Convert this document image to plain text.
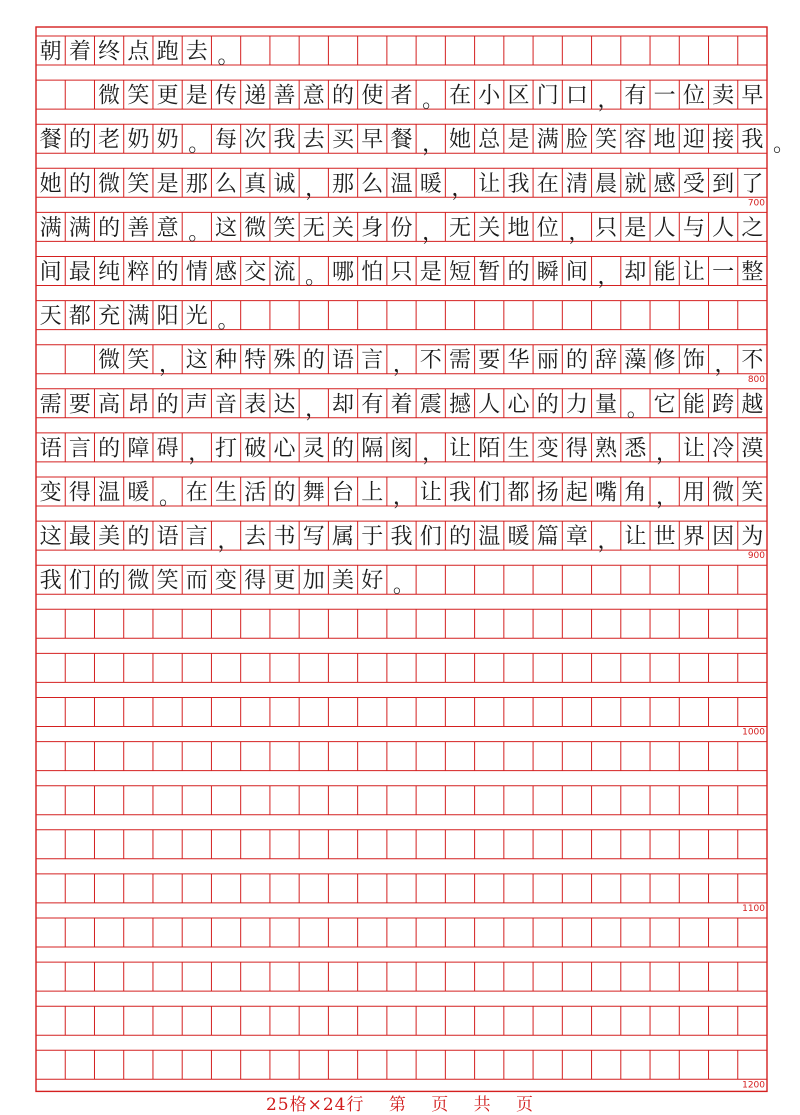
朝 着 终 点 跑 去 。
微 笑 更 是 传 递 善 意 的 使 者 。 在 小 区 门 口 ， 有 一 位 卖 早
餐 的 老 奶 奶 。 每 次 我 去 买 早 餐 ， 她 总 是 满 脸 笑 容 地 迎 接 我 。
她 的 微 笑 是 那 么 真 诚 ， 那 么 温 暖 ， 让 我 在 清 晨 就 感 受 到 了
满 满 的 善 意 。 这 微 笑 无 关 身 份 ， 无 关 地 位 ， 只 是 人 与 人 之
间 最 纯 粹 的 情 感 交 流 。 哪 怕 只 是 短 暂 的 瞬 间 ， 却 能 让 一 整
天 都 充 满 阳 光 。
微 笑 ， 这 种 特 殊 的 语 言 ， 不 需 要 华 丽 的 辞 藻 修 饰 ， 不
需 要 高 昂 的 声 音 表 达 ， 却 有 着 震 撼 人 心 的 力 量 。 它 能 跨 越
语 言 的 障 碍 ， 打 破 心 灵 的 隔 阂 ， 让 陌 生 变 得 熟 悉 ， 让 冷 漠
变 得 温 暖 。 在 生 活 的 舞 台 上 ， 让 我 们 都 扬 起 嘴 角 ， 用 微 笑
这 最 美 的 语 言 ， 去 书 写 属 于 我 们 的 温 暖 篇 章 ， 让 世 界 因 为
我 们 的 微 笑 而 变 得 更 加 美 好 。
700
800
900
1000
1100
1200
25格×24行　 第　 页　 共　 页
